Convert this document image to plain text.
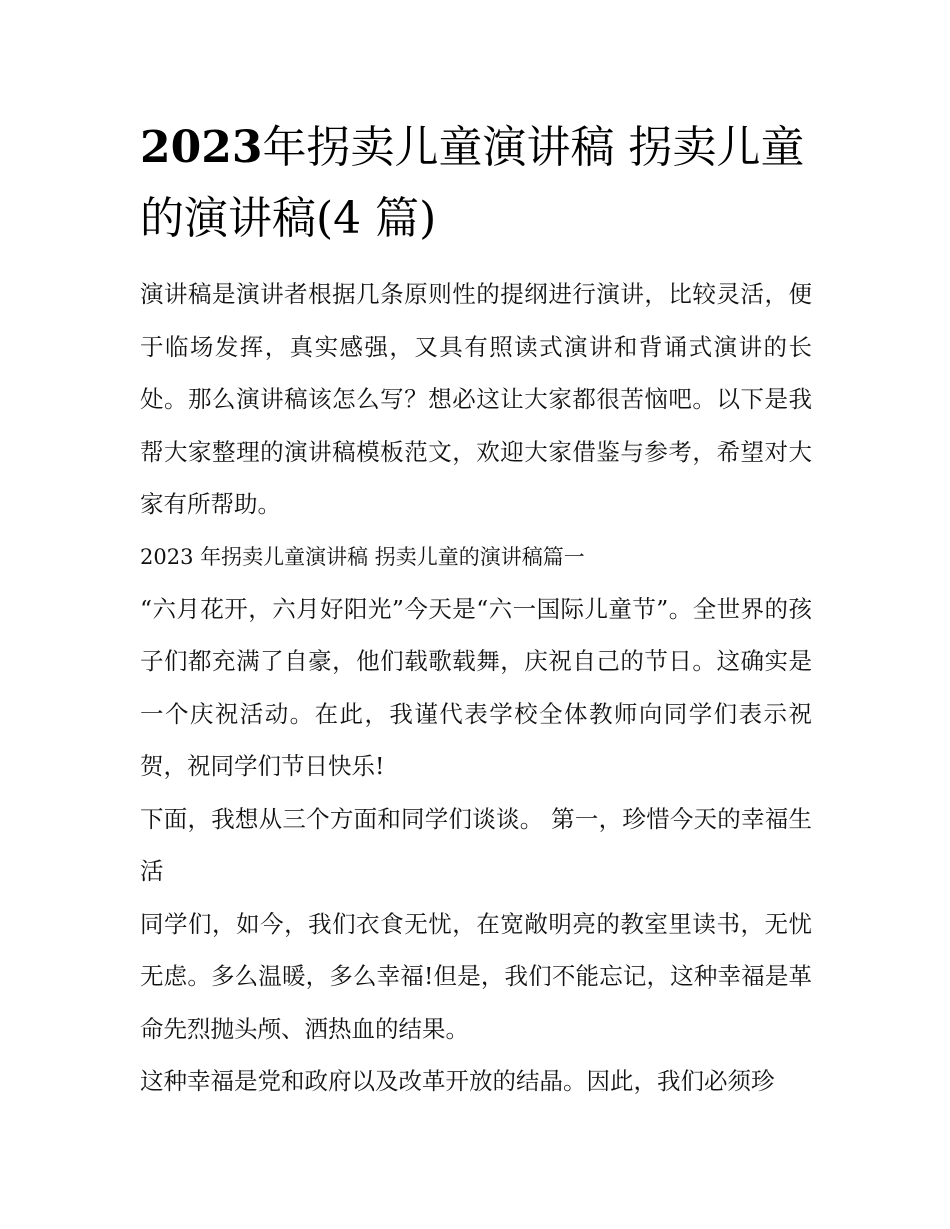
2023年拐卖儿童演讲稿 拐卖儿童的演讲稿(4 篇)

演讲稿是演讲者根据几条原则性的提纲进行演讲，比较灵活，便于临场发挥，真实感强，又具有照读式演讲和背诵式演讲的长处。那么演讲稿该怎么写？想必这让大家都很苦恼吧。以下是我帮大家整理的演讲稿模板范文，欢迎大家借鉴与参考，希望对大家有所帮助。

2023 年拐卖儿童演讲稿 拐卖儿童的演讲稿篇一

“六月花开，六月好阳光”今天是“六一国际儿童节”。全世界的孩子们都充满了自豪，他们载歌载舞，庆祝自己的节日。这确实是一个庆祝活动。在此，我谨代表学校全体教师向同学们表示祝贺，祝同学们节日快乐!

下面，我想从三个方面和同学们谈谈。 第一，珍惜今天的幸福生活

同学们，如今，我们衣食无忧，在宽敞明亮的教室里读书，无忧无虑。多么温暖，多么幸福!但是，我们不能忘记，这种幸福是革命先烈抛头颅、洒热血的结果。

这种幸福是党和政府以及改革开放的结晶。因此，我们必须珍
